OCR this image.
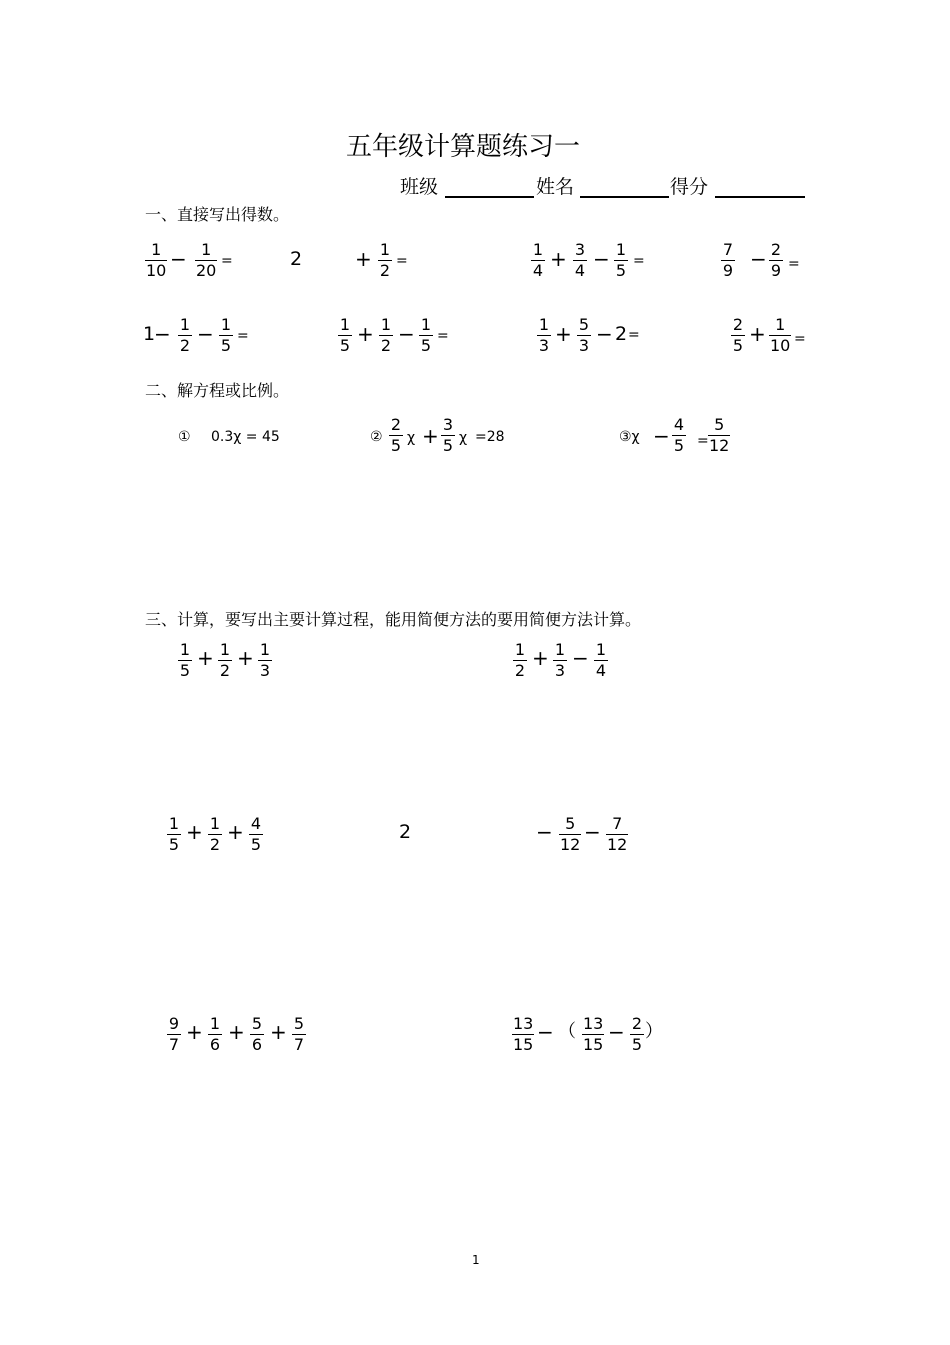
五年级计算题练习一
班级	姓名	得分
一、直接写出得数。
1
10 − 1
20 =	2	+ 1
2 =
1
4 + 3
4 − 1
5 =
7
9 − 2
9 =
1
− 1
2 − 1
5 =
1
5 + 1
2 − 1
5 =
1
3 + 5
3 − 2 =
2
5 + 1
10 =
二、解方程或比例。
① 0.3χ = 45	②
2
5 χ + 3
5 χ =28	③χ − 4
5 =
5
12
三、计算，要写出主要计算过程，能用简便方法的要用简便方法计算。
1
5
+ 1
2
+ 1
3
1
2
+ 1
3
− 1
4
1
5
+ 1
2
+ 4
5
2	− 5
12
− 7
12
9
7
+ 1
6
+ 5
6
+ 5
7
13
15
− （ 13
15
− 2
5
）
1
